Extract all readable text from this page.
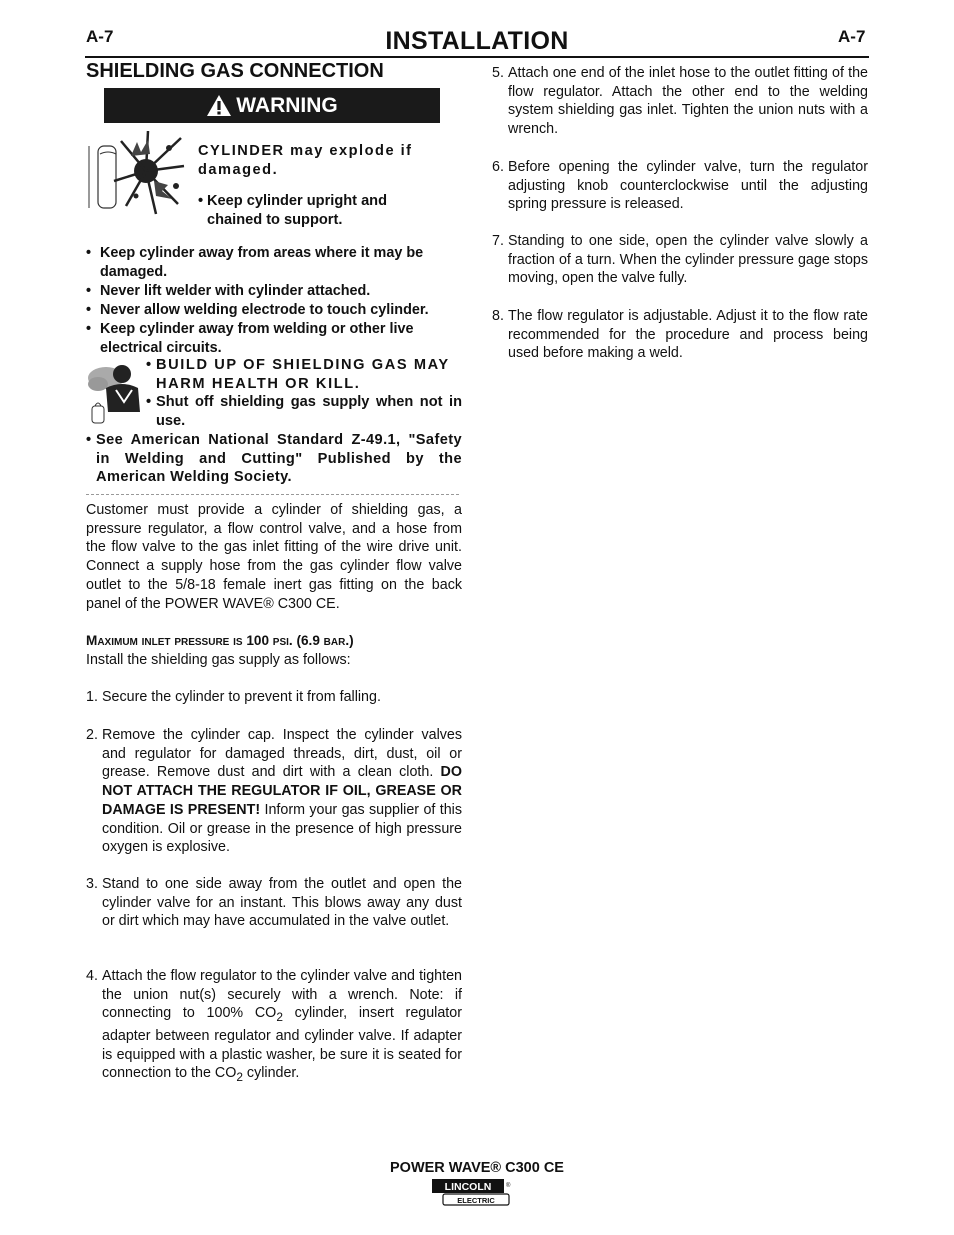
A-7	INSTALLATION	A-7
SHIELDING GAS CONNECTION
WARNING
CYLINDER may explode if damaged.
• Keep cylinder upright and chained to support.
• Keep cylinder away from areas where it may be damaged.
• Never lift welder with cylinder attached.
• Never allow welding electrode to touch cylinder.
• Keep cylinder away from welding or other live electrical circuits.
• BUILD UP OF SHIELDING GAS MAY HARM HEALTH OR KILL.
• Shut off shielding gas supply when not in use.
• See American National Standard Z-49.1, "Safety in Welding and Cutting" Published by the American Welding Society.
Customer must provide a cylinder of shielding gas, a pressure regulator, a flow control valve, and a hose from the flow valve to the gas inlet fitting of the wire drive unit. Connect a supply hose from the gas cylinder flow valve outlet to the 5/8-18 female inert gas fitting on the back panel of the POWER WAVE® C300 CE.
Maximum inlet pressure is 100 psi. (6.9 bar.)
Install the shielding gas supply as follows:
1. Secure the cylinder to prevent it from falling.
2. Remove the cylinder cap. Inspect the cylinder valves and regulator for damaged threads, dirt, dust, oil or grease. Remove dust and dirt with a clean cloth. DO NOT ATTACH THE REGULATOR IF OIL, GREASE OR DAMAGE IS PRESENT! Inform your gas supplier of this condition. Oil or grease in the presence of high pressure oxygen is explosive.
3. Stand to one side away from the outlet and open the cylinder valve for an instant. This blows away any dust or dirt which may have accumulated in the valve outlet.
4. Attach the flow regulator to the cylinder valve and tighten the union nut(s) securely with a wrench. Note: if connecting to 100% $CO_2$ cylinder, insert regulator adapter between regulator and cylinder valve. If adapter is equipped with a plastic washer, be sure it is seated for connection to the $CO_2$ cylinder.
5. Attach one end of the inlet hose to the outlet fitting of the flow regulator. Attach the other end to the welding system shielding gas inlet. Tighten the union nuts with a wrench.
6. Before opening the cylinder valve, turn the regulator adjusting knob counterclockwise until the adjusting spring pressure is released.
7. Standing to one side, open the cylinder valve slowly a fraction of a turn. When the cylinder pressure gage stops moving, open the valve fully.
8. The flow regulator is adjustable. Adjust it to the flow rate recommended for the procedure and process being used before making a weld.
POWER WAVE® C300 CE
LINCOLN ®
ELECTRIC
